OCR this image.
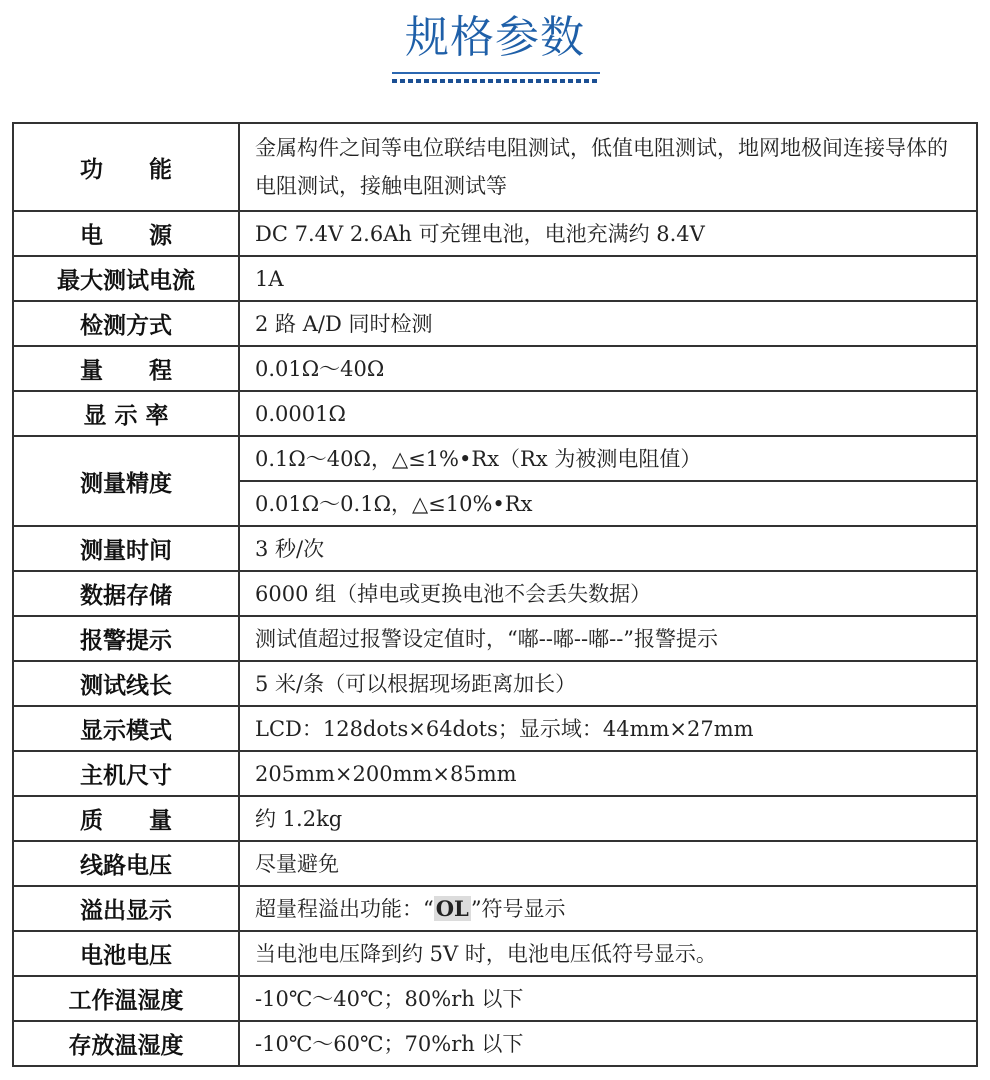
规格参数
功　　能	金属构件之间等电位联结电阻测试，低值电阻测试，地网地极间连接导体的电阻测试，接触电阻测试等
电　　源	DC 7.4V 2.6Ah 可充锂电池，电池充满约 8.4V
最大测试电流	1A
检测方式	2 路 A/D 同时检测
量　　程	0.01Ω～40Ω
显 示 率	0.0001Ω
测量精度	0.1Ω～40Ω，△≤1%•Rx（Rx 为被测电阻值）
	0.01Ω～0.1Ω，△≤10%•Rx
测量时间	3 秒/次
数据存储	6000 组（掉电或更换电池不会丢失数据）
报警提示	测试值超过报警设定值时，“嘟--嘟--嘟--”报警提示
测试线长	5 米/条（可以根据现场距离加长）
显示模式	LCD：128dots×64dots；显示域：44mm×27mm
主机尺寸	205mm×200mm×85mm
质　　量	约 1.2kg
线路电压	尽量避免
溢出显示	超量程溢出功能：“OL”符号显示
电池电压	当电池电压降到约 5V 时，电池电压低符号显示。
工作温湿度	-10℃～40℃；80%rh 以下
存放温湿度	-10℃～60℃；70%rh 以下
